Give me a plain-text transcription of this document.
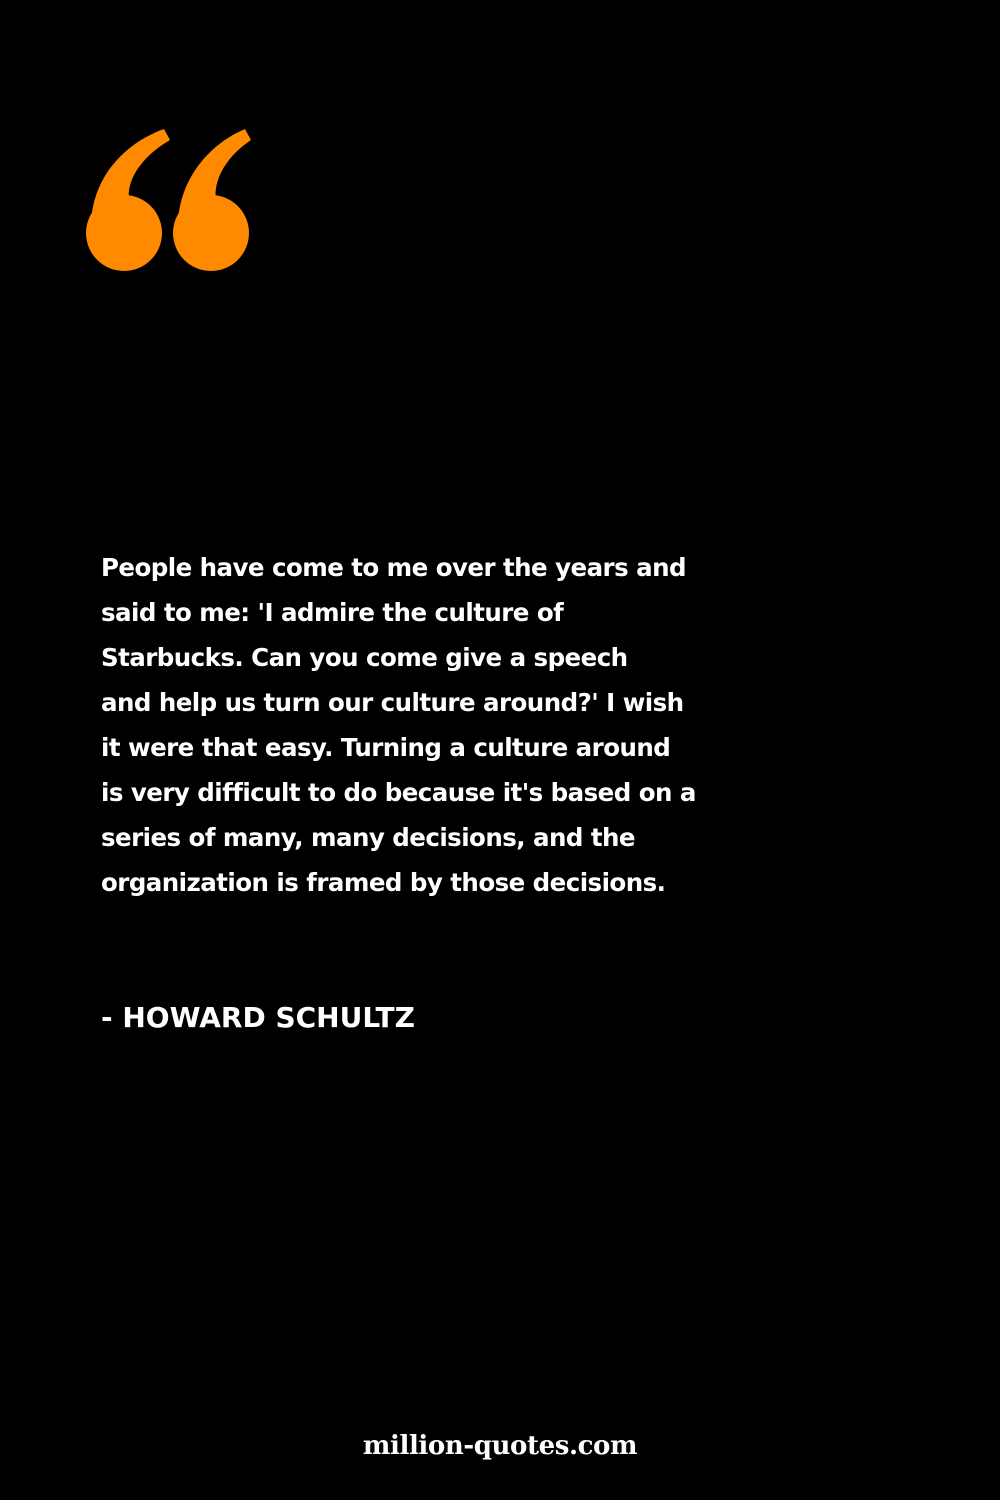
People have come to me over the years and
said to me: 'I admire the culture of
Starbucks. Can you come give a speech
and help us turn our culture around?' I wish
it were that easy. Turning a culture around
is very difficult to do because it's based on a
series of many, many decisions, and the
organization is framed by those decisions.
- HOWARD SCHULTZ
million-quotes.com
